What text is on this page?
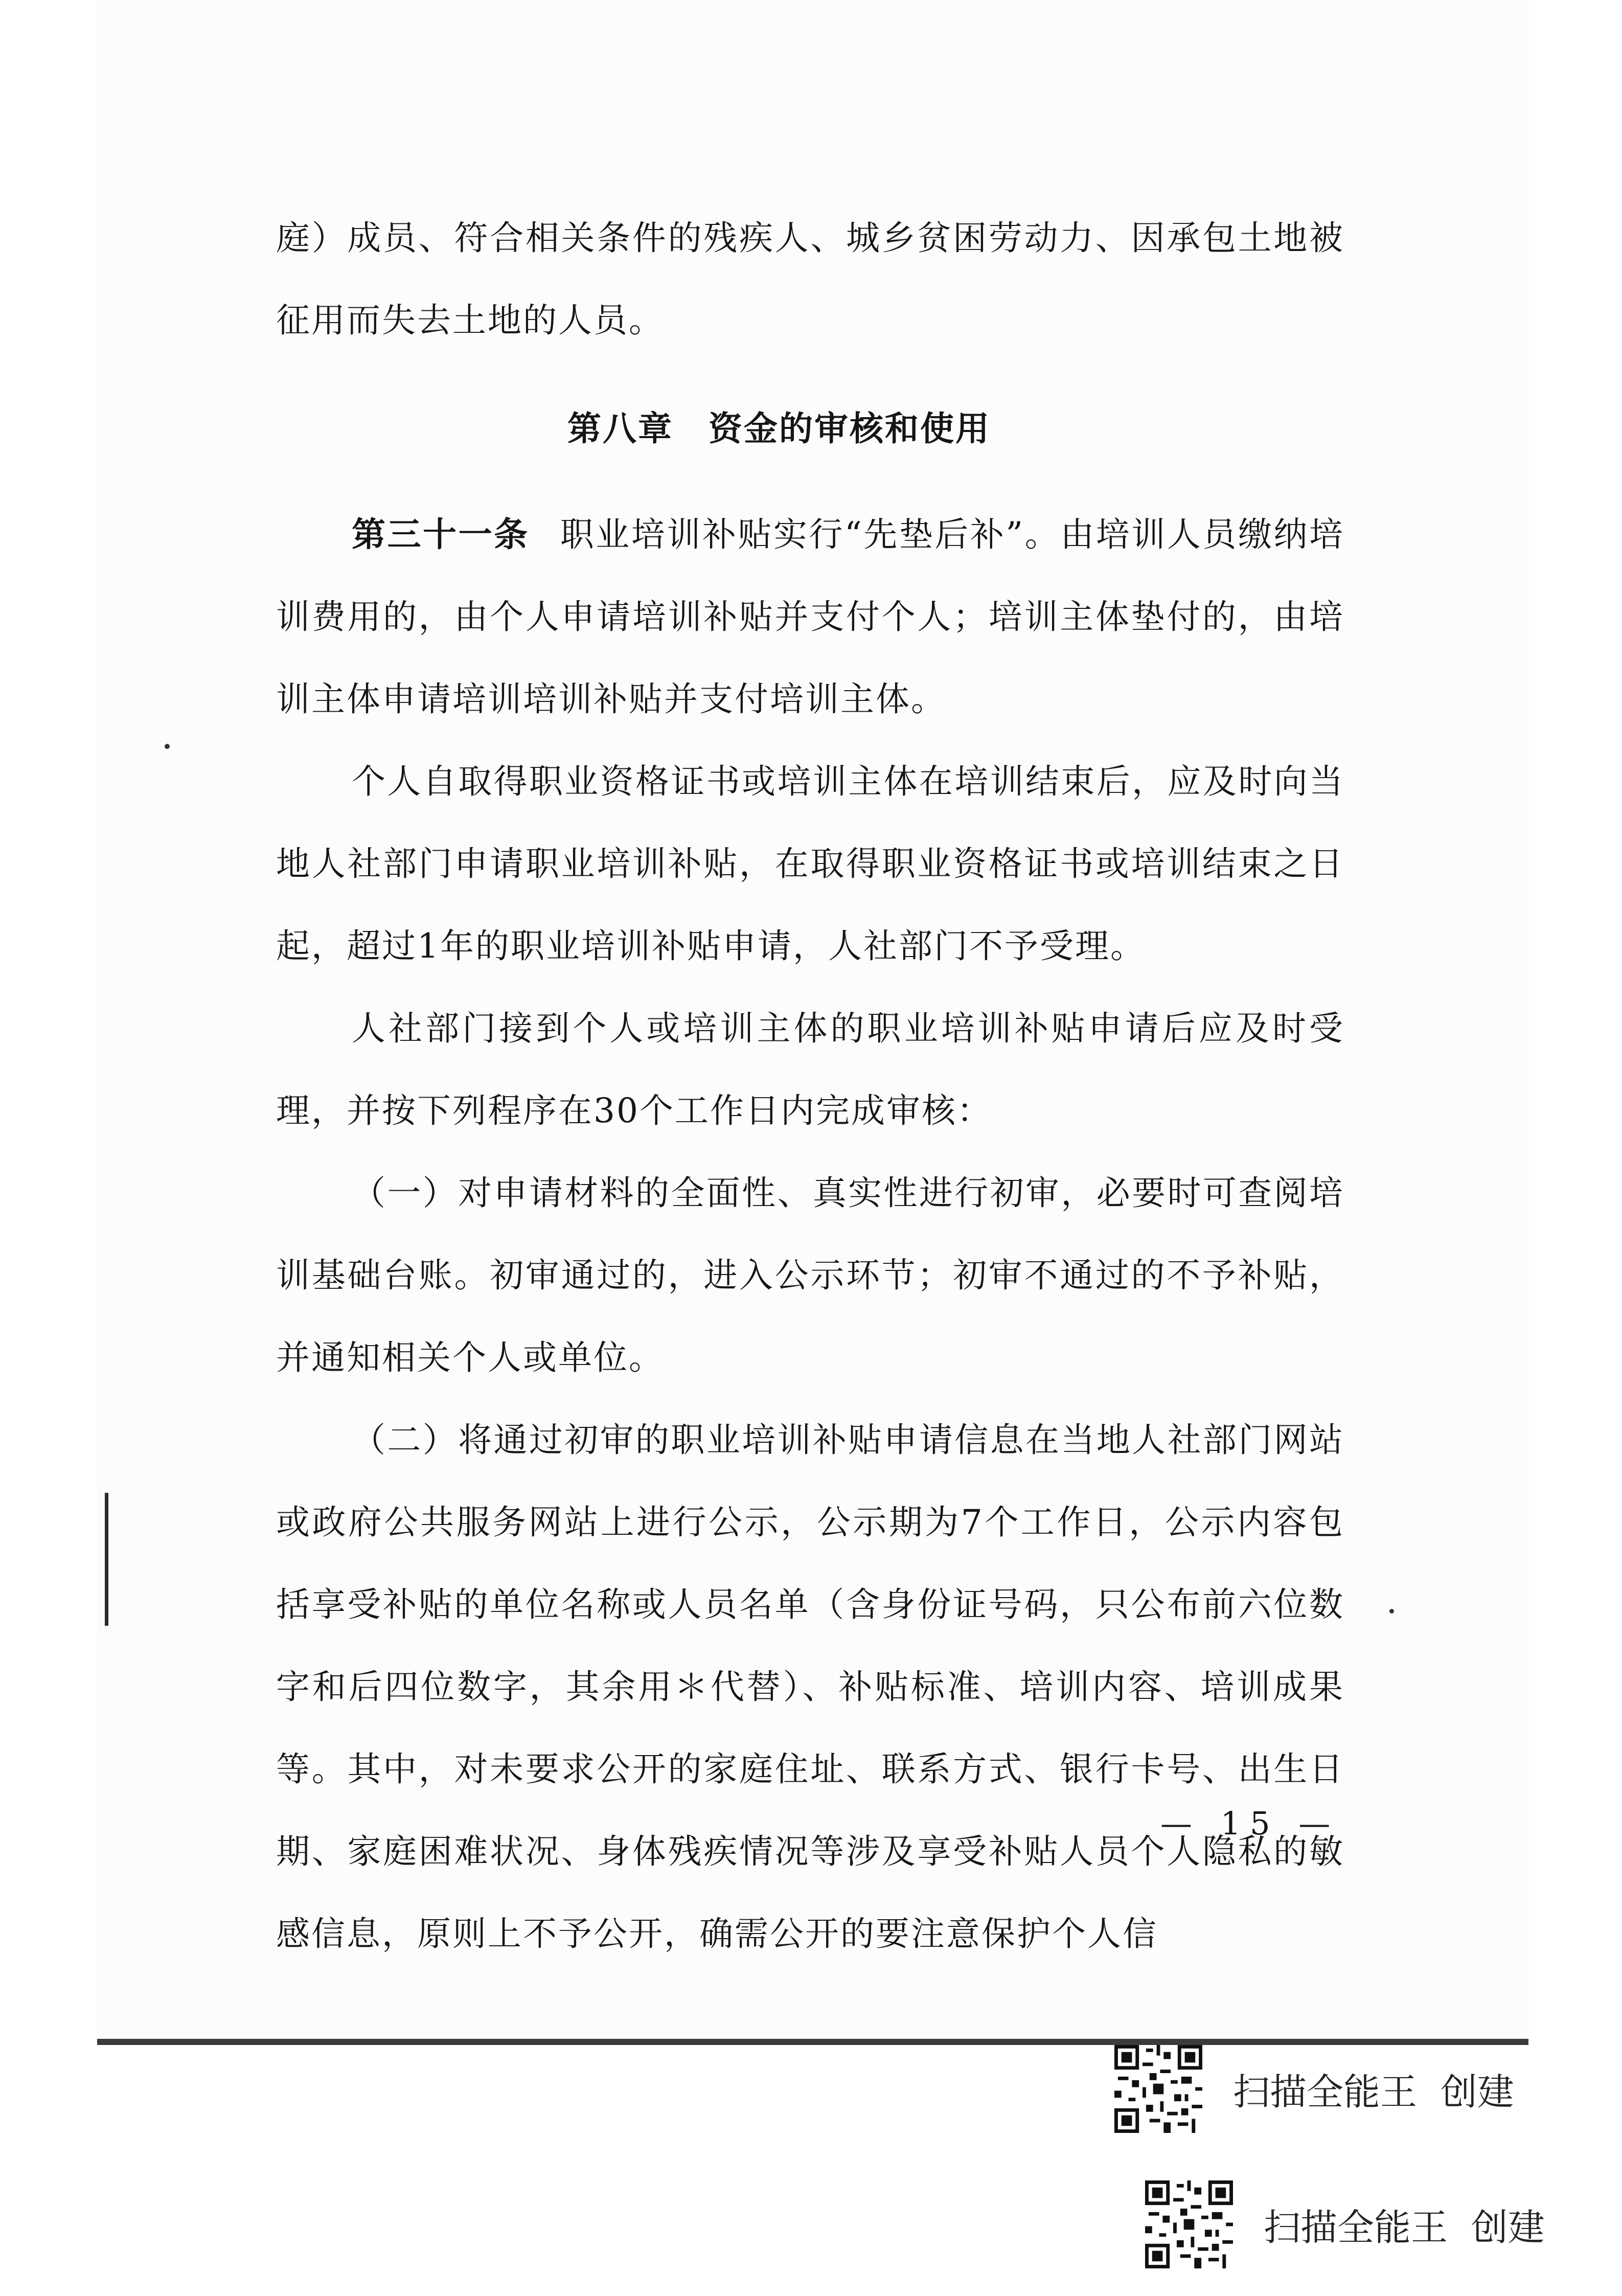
庭）成员、符合相关条件的残疾人、城乡贫困劳动力、因承包土地被征用而失去土地的人员。

第八章　资金的审核和使用

第三十一条 职业培训补贴实行“先垫后补”。由培训人员缴纳培训费用的，由个人申请培训补贴并支付个人；培训主体垫付的，由培训主体申请培训培训补贴并支付培训主体。

个人自取得职业资格证书或培训主体在培训结束后，应及时向当地人社部门申请职业培训补贴，在取得职业资格证书或培训结束之日起，超过1年的职业培训补贴申请，人社部门不予受理。

人社部门接到个人或培训主体的职业培训补贴申请后应及时受理，并按下列程序在30个工作日内完成审核：

（一）对申请材料的全面性、真实性进行初审，必要时可查阅培训基础台账。初审通过的，进入公示环节；初审不通过的不予补贴，并通知相关个人或单位。

（二）将通过初审的职业培训补贴申请信息在当地人社部门网站或政府公共服务网站上进行公示，公示期为7个工作日，公示内容包括享受补贴的单位名称或人员名单（含身份证号码，只公布前六位数字和后四位数字，其余用＊代替）、补贴标准、培训内容、培训成果等。其中，对未要求公开的家庭住址、联系方式、银行卡号、出生日期、家庭困难状况、身体残疾情况等涉及享受补贴人员个人隐私的敏感信息，原则上不予公开，确需公开的要注意保护个人信

— 15 —
扫描全能王  创建
扫描全能王  创建
